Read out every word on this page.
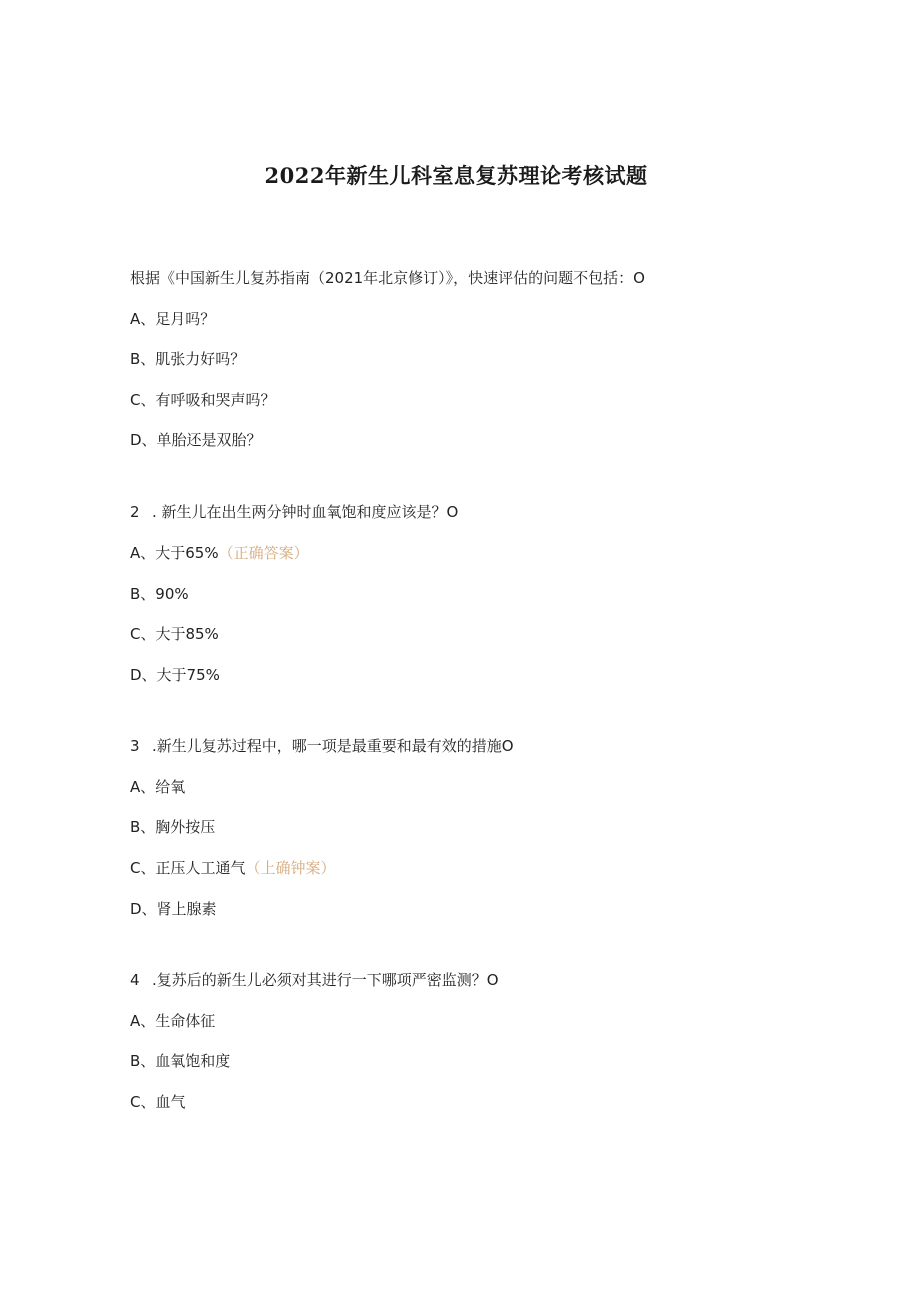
2022年新生儿科室息复苏理论考核试题
根据《中国新生儿复苏指南（2021年北京修订）》，快速评估的问题不包括：O
A、足月吗？
B、肌张力好吗？
C、有呼吸和哭声吗？
D、单胎还是双胎？
2 . 新生儿在出生两分钟时血氧饱和度应该是？O
A、大于65%（正确答案）
B、90%
C、大于85%
D、大于75%
3 .新生儿复苏过程中，哪一项是最重要和最有效的措施O
A、给氧
B、胸外按压
C、正压人工通气（上确钟案）
D、肾上腺素
4 .复苏后的新生儿必须对其进行一下哪项严密监测？O
A、生命体征
B、血氧饱和度
C、血气
